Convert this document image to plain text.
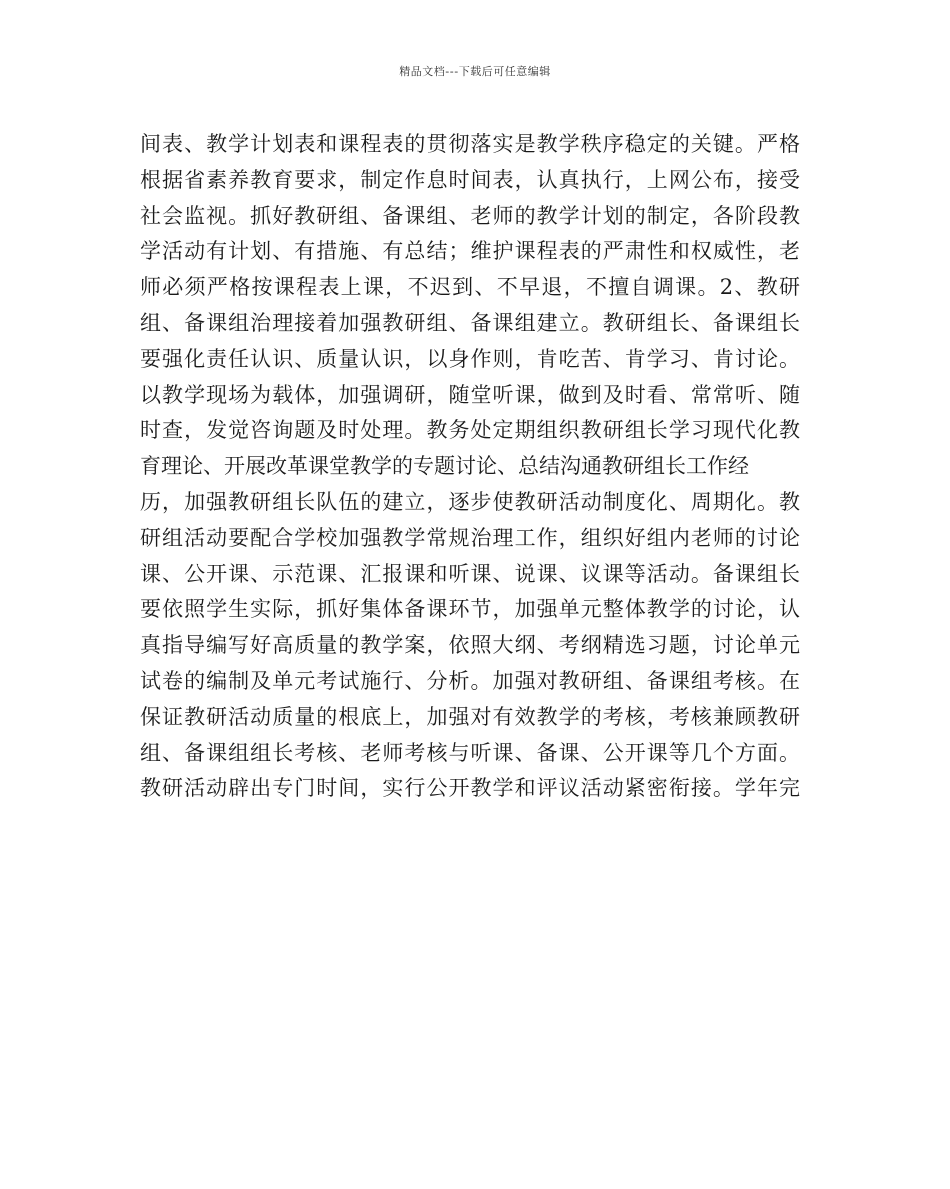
精品文档---下载后可任意编辑
间表、教学计划表和课程表的贯彻落实是教学秩序稳定的关键。严格
根据省素养教育要求，制定作息时间表，认真执行，上网公布，接受
社会监视。抓好教研组、备课组、老师的教学计划的制定，各阶段教
学活动有计划、有措施、有总结；维护课程表的严肃性和权威性，老
师必须严格按课程表上课，不迟到、不早退，不擅自调课。2、教研
组、备课组治理接着加强教研组、备课组建立。教研组长、备课组长
要强化责任认识、质量认识，以身作则，肯吃苦、肯学习、肯讨论。
以教学现场为载体，加强调研，随堂听课，做到及时看、常常听、随
时查，发觉咨询题及时处理。教务处定期组织教研组长学习现代化教
育理论、开展改革课堂教学的专题讨论、总结沟通教研组长工作经
历，加强教研组长队伍的建立，逐步使教研活动制度化、周期化。教
研组活动要配合学校加强教学常规治理工作，组织好组内老师的讨论
课、公开课、示范课、汇报课和听课、说课、议课等活动。备课组长
要依照学生实际，抓好集体备课环节，加强单元整体教学的讨论，认
真指导编写好高质量的教学案，依照大纲、考纲精选习题，讨论单元
试卷的编制及单元考试施行、分析。加强对教研组、备课组考核。在
保证教研活动质量的根底上，加强对有效教学的考核，考核兼顾教研
组、备课组组长考核、老师考核与听课、备课、公开课等几个方面。
教研活动辟出专门时间，实行公开教学和评议活动紧密衔接。学年完
